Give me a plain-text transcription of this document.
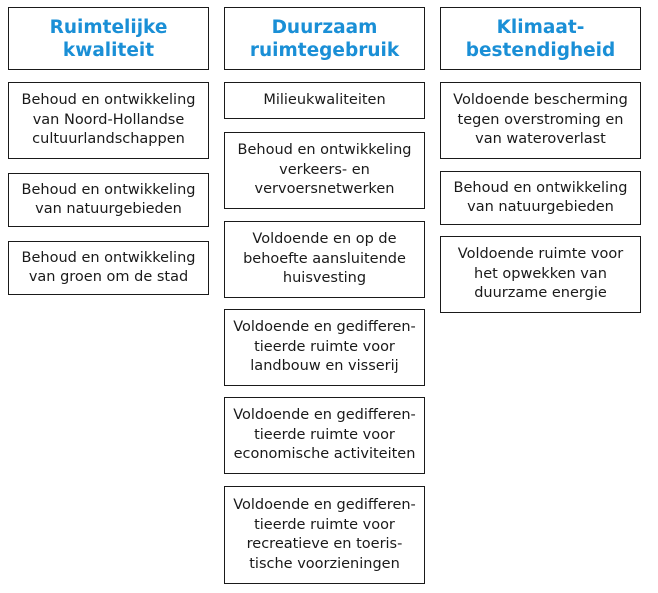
Ruimtelijke
kwaliteit
Behoud en ontwikkeling
van Noord-Hollandse
cultuurlandschappen
Behoud en ontwikkeling
van natuurgebieden
Behoud en ontwikkeling
van groen om de stad
Duurzaam
ruimtegebruik
Milieukwaliteiten
Behoud en ontwikkeling
verkeers- en
vervoersnetwerken
Voldoende en op de
behoefte aansluitende
huisvesting
Voldoende en gedifferen-
tieerde ruimte voor
landbouw en visserij
Voldoende en gedifferen-
tieerde ruimte voor
economische activiteiten
Voldoende en gedifferen-
tieerde ruimte voor
recreatieve en toeris-
tische voorzieningen
Klimaat-
bestendigheid
Voldoende bescherming
tegen overstroming en
van wateroverlast
Behoud en ontwikkeling
van natuurgebieden
Voldoende ruimte voor
het opwekken van
duurzame energie
